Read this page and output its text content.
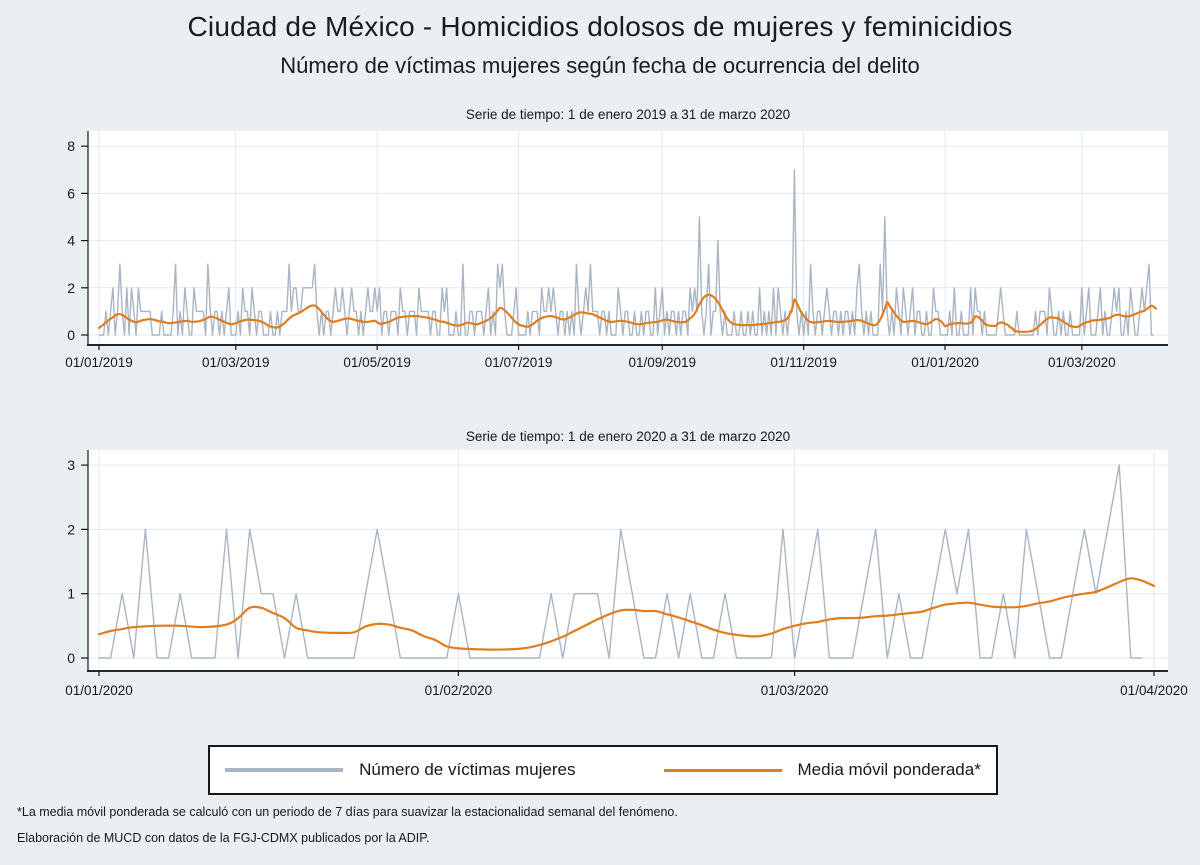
Ciudad de México - Homicidios dolosos de mujeres y feminicidios
Número de víctimas mujeres según fecha de ocurrencia del delito
Serie de tiempo: 1 de enero 2019 a 31 de marzo 2020
0
2
4
6
8
01/01/2019	01/03/2019	01/05/2019	01/07/2019	01/09/2019	01/11/2019	01/01/2020	01/03/2020
Serie de tiempo: 1 de enero 2020 a 31 de marzo 2020
0
1
2
3
01/01/2020	01/02/2020	01/03/2020	01/04/2020
Número de víctimas mujeres	Media móvil ponderada*
*La media móvil ponderada se calculó con un periodo de 7 días para suavizar la estacionalidad semanal del fenómeno.
Elaboración de MUCD con datos de la FGJ-CDMX publicados por la ADIP.
